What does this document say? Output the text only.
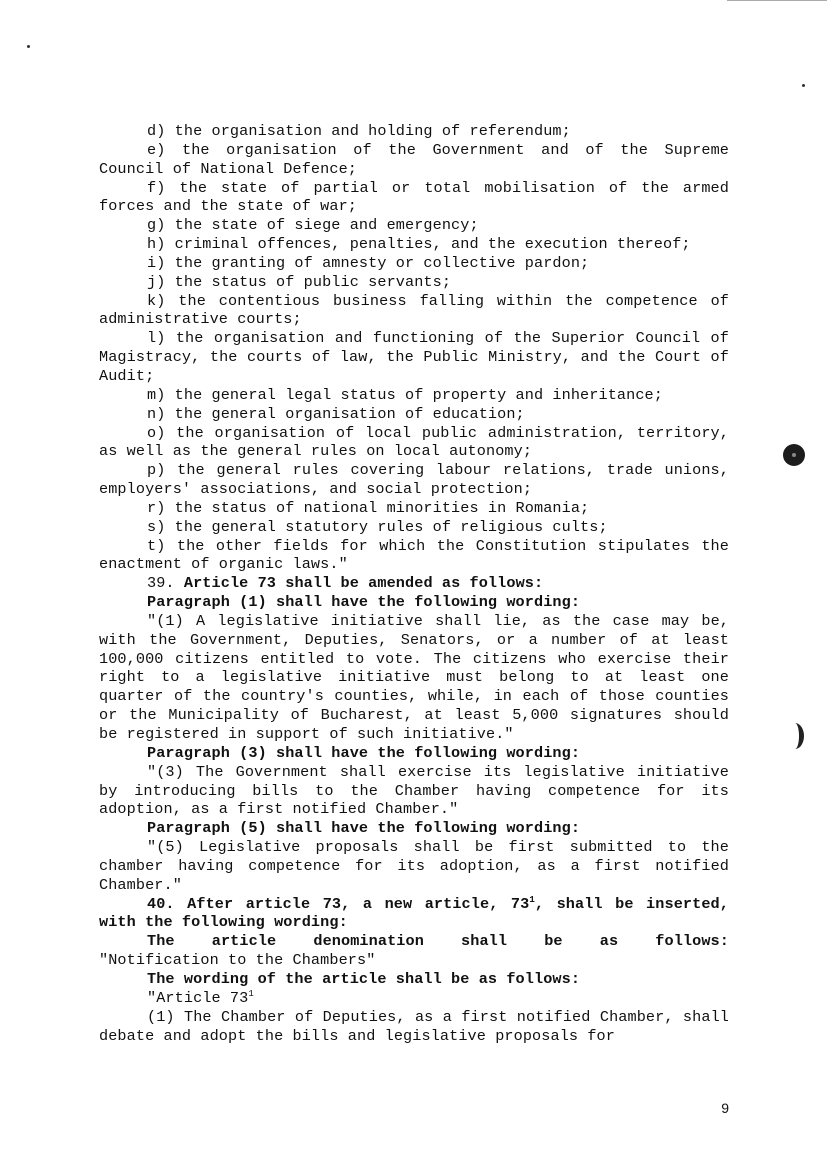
d) the organisation and holding of referendum;

e) the organisation of the Government and of the Supreme Council of National Defence;

f) the state of partial or total mobilisation of the armed forces and the state of war;

g) the state of siege and emergency;

h) criminal offences, penalties, and the execution thereof;

i) the granting of amnesty or collective pardon;

j) the status of public servants;

k) the contentious business falling within the competence of administrative courts;

l) the organisation and functioning of the Superior Council of Magistracy, the courts of law, the Public Ministry, and the Court of Audit;

m) the general legal status of property and inheritance;

n) the general organisation of education;

o) the organisation of local public administration, territory, as well as the general rules on local autonomy;

p) the general rules covering labour relations, trade unions, employers' associations, and social protection;

r) the status of national minorities in Romania;

s) the general statutory rules of religious cults;

t) the other fields for which the Constitution stipulates the enactment of organic laws."

39. Article 73 shall be amended as follows:

Paragraph (1) shall have the following wording:

"(1) A legislative initiative shall lie, as the case may be, with the Government, Deputies, Senators, or a number of at least 100,000 citizens entitled to vote. The citizens who exercise their right to a legislative initiative must belong to at least one quarter of the country's counties, while, in each of those counties or the Municipality of Bucharest, at least 5,000 signatures should be registered in support of such initiative."

Paragraph (3) shall have the following wording:

"(3) The Government shall exercise its legislative initiative by introducing bills to the Chamber having competence for its adoption, as a first notified Chamber."

Paragraph (5) shall have the following wording:

"(5) Legislative proposals shall be first submitted to the chamber having competence for its adoption, as a first notified Chamber."

40. After article 73, a new article, $73^1$, shall be inserted, with the following wording:

The article denomination shall be as follows:

"Notification to the Chambers"

The wording of the article shall be as follows:

"Article $73^1$

(1) The Chamber of Deputies, as a first notified Chamber, shall debate and adopt the bills and legislative proposals for

9
